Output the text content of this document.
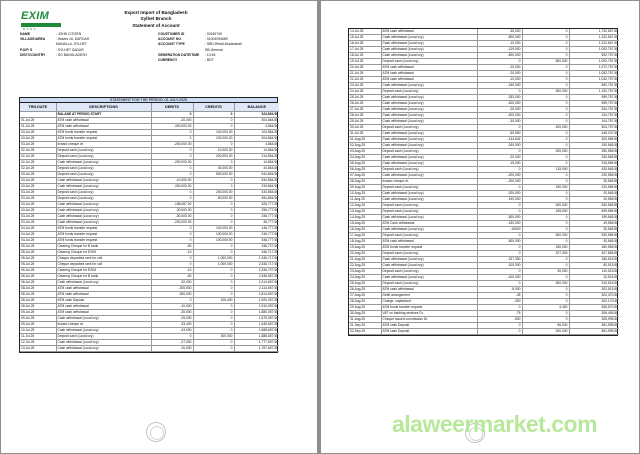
EXIM
BANK
Export Import of Bangladesh
Sylhet Branch
Statement of Account
NAME	: JOHN CITIZEN
VILLAGE/AREA	: Waves 16, DARGAH
MAHALLA, SYLHET
P.O/P. S	: SYLHET SADAR
DIST/COUNTRY	: SO BANGLADESH
COUSTOMER ID	: 00349749
ACCOUNT NO	: 01004094689
ACCOUNT TYPE	: SBD-Retail-Mudarabah
SB-General
GENERATION DATE/TIME	: 10:45
CURRENCY	: BDT
STATEMENT FOR THE PERIOD: 01-JULY-2025
TRN.DATE	DESCRIPTIONS	DEBITS	CREDITS	BALANCE
	BALANE AT PERIOD START	0	0	324,864.50
01.Jul.25	ATM cash withdrawal	-20,000	0	304,864.50
01.Jul.25	ATM cash withdrawal	-300,000.00	0	4,864.50
03.Jul.25	ATM funds transfer request	0	100,000.00	104,864.50
03.Jul.25	ATM funds transfer request	0	100,000.00	204,864.50
03.Jul.25	Inward cheque dr.	-200,000.00	0	4,864.50
02.Jul.25	Deposit cash (Local ccy)	0	10,000.00	14,864.50
02.Jul.25	Deposit cash (Local ccy)	0	200,000.00	214,864.50
02.Jul.25	Cash withdrawal (Local ccy)	-200,000.00	0	14,864.50
02.Jul.25	Deposit cash (Local ccy)	0	30,000.00	44,864.50
03.Jul.25	Deposit cash (Local ccy)	0	500,000.00	544,864.50
03.Jul.25	Cash withdrawal (Local ccy)	-10,000.00	0	534,864.50
03.Jul.25	Cash withdrawal (Local ccy)	-300,000.00	0	234,864.50
03.Jul.25	Deposit cash (Local ccy)	0	200,000.00	434,864.50
03.Jul.25	Deposit cash (Local ccy)	0	60,000.00	494,864.50
03.Jul.25	Cash withdrawal (Local ccy)	-168,087.00	0	326,777.50
03.Jul.25	Cash withdrawal (Local ccy)	-30,000.00	0	296,777.50
03.Jul.25	Cash withdrawal (Local ccy)	-50,000.00	0	246,777.50
03.Jul.25	Cash withdrawal (Local ccy)	-200,000.00	0	46,777.50
04.Jul.25	ATM funds transfer request	0	100,000.00	146,777.50
04.Jul.25	ATM funds transfer request	0	100,000.00	246,777.50
04.Jul.25	ATM funds transfer request	0	100,000.00	346,777.50
05.Jul.25	Clearing Cheque for B bank	-50	0	346,727.50
05.Jul.25	Clearing Cheque for EXIM	-10	0	346,717.50
05.Jul.25	Cheque deposited sent for coll	0	1,000,000	1,346,717.50
05.Jul.25	Cheque deposited sent for coll	0	1,000,000	2,346,717.50
06.Jul.25	Clearing Cheque for EXIM	-10	0	2,346,707.50
06.Jul.25	Clearing Cheque for B bank	-50	0	2,346,657.50
06.Jul.25	Cash withdrawal (Local ccy)	-32,000	0	2,314,657.50
08.Jul.25	ATM cash withdrawal	-200,000	0	2,114,657.50
08.Jul.25	ATM cash withdrawal	-300,000	0	1,814,657.50
08.Jul.25	ATM cash Deposit	0	105,400	1,920,057.50
08.Jul.25	ATM cash withdrawal	-10,000	0	1,910,057.50
09.Jul.25	ATM cash withdrawal	-30,000	0	1,880,057.50
09.Jul.25	Cash withdrawal (Local ccy)	-25,000	0	1,579,057.50
09.Jul.25	Inward cheque dr.	-33,400	0	1,545,657.50
10.Jul.25	Cash withdrawal (Local ccy)	-43,000	0	1,588,657.50
11.Jul.25	Deposit cash (Local ccy)	0	300,000	1,888,657.50
12.Jul.25	Cash withdrawal (Local ccy)	-27,000	0	1,777,657.50
13.Jul.25	Cash withdrawal (Local ccy)	-10,000	0	1,767,657.50
14.Jul.25	ATM cash withdrawal	-35,000	0	1,732,657.50
15.Jul.25	Cash withdrawal (Local ccy)	-500,000	0	1,232,657.50
16.Jul.25	Cash withdrawal (Local ccy)	-10,000	0	1,222,657.50
17.Jul.25	Cash withdrawal (Local ccy)	-129,900	0	1,092,757.50
18.Jul.25	Cash withdrawal (Local ccy)	-500,000	0	592,757.50
19.Jul.25	Deposit cash (Local ccy)	0	500,000	1,092,757.50
20.Jul.25	ATM cash withdrawal	-20,000	0	1,072,757.50
21.Jul.25	ATM cash withdrawal	-20,000	0	1,052,757.50
22.Jul.25	ATM cash withdrawal	-10,000	0	1,042,757.50
23.Jul.25	Cash withdrawal (Local ccy)	-150,000	0	892,757.50
24.Jul.25	Deposit cash (Local ccy)	0	300,000	1,192,757.50
25.Jul.25	Cash withdrawal (Local ccy)	-253,000	0	959,757.50
26.Jul.25	Cash withdrawal (Local ccy)	-400,000	0	559,757.50
27.Jul.25	Cash withdrawal (Local ccy)	-25,000	0	534,757.50
28.Jul.25	Cash withdrawal (Local ccy)	-400,000	0	134,757.50
29.Jul.25	Cash withdrawal (Local ccy)	-30,000	0	104,757.50
30.Jul.25	Deposit cash (Local ccy)	0	400,000	504,757.50
31.Jul.25	Cash withdrawal (Local ccy)	-59,550	0	445,207.50
01.Aug.25	Cash withdrawal (Local ccy)	-144,642	0	300,565.50
02.Aug.25	Cash withdrawal (Local ccy)	-150,000	0	150,565.50
03.Aug.25	Deposit cash (Local ccy)	0	200,000	350,565.50
04.Aug.25	Cash withdrawal (Local ccy)	-20,000	0	330,565.50
05.Aug.25	Cash withdrawal (Local ccy)	-15,000	0	315,565.50
06.Aug.25	Deposit cash (Local ccy)	0	115,000	430,565.50
07.Aug.25	Cash withdrawal (Local ccy)	-200,000	0	230,565.50
08.Aug.25	Inward cheque dr.	-200,000	0	30,565.50
09.Aug.25	Deposit cash (Local ccy)	0	190,000	220,565.50
10.Aug.25	Cash withdrawal (Local ccy)	-200,000	0	20,565.50
11.Aug.25	Cash withdrawal (Local ccy)	-190,000	0	10,565.50
12.Aug.25	Deposit cash (Local ccy)	0	520,000	530,565.50
13.Aug.25	Deposit cash (Local ccy)	0	169,000	699,565.50
14.Aug.25	Cash withdrawal (Local ccy)	-500,000	0	199,565.50
15.Aug.25	ATM Cash withdrawal	-150,000	0	49,565.50
16.Aug.25	Cash withdrawal (Local ccy)	-19000	0	30,565.50
17.Aug.25	Deposit cash (Local ccy)	0	500,000	530,565.50
18.Aug.25	ATM cash withdrawal	-500,000	0	30,565.50
19.Aug.25	ATM funds transfer request	0	150,000	180,565.50
20.Aug.25	Deposit cash (Local ccy)	0	227,300	407,865.50
21.Aug.25	Cash withdrawal (Local ccy)	-227,350	0	180,515.50
22.Aug.25	Cash withdrawal (Local ccy)	-100,000	0	80,515.50
23.Aug.25	Deposit cash (Local ccy)	0	30,000	110,515.50
24.Aug.25	Cash withdrawal (Local ccy)	-100,000	0	10,515.50
25.Aug.25	Deposit cash (Local ccy)	0	300,000	310,515.50
26.Aug.25	ATM cash withdrawal	-8,000	0	302,515.50
27.Aug.25	Debit arrangement	-45	0	302,470.50
28.Aug.25	Charge- capitalized	-300	0	302,170.50
29.Aug.25	ATM funds transfer request	0	4,400	306,570.50
30.Aug.25	VAT on banking services Dr.	-75	0	306,495.50
31.Aug.25	Cheque Issued commission Dr.	-500	0	305,995.50
01.Sep.25	ATM cash Deposit	0	56,000	361,995.50
02.Sep.25	ATM cash Deposit	0	200,000	561,995.50
alaweermarket.com
